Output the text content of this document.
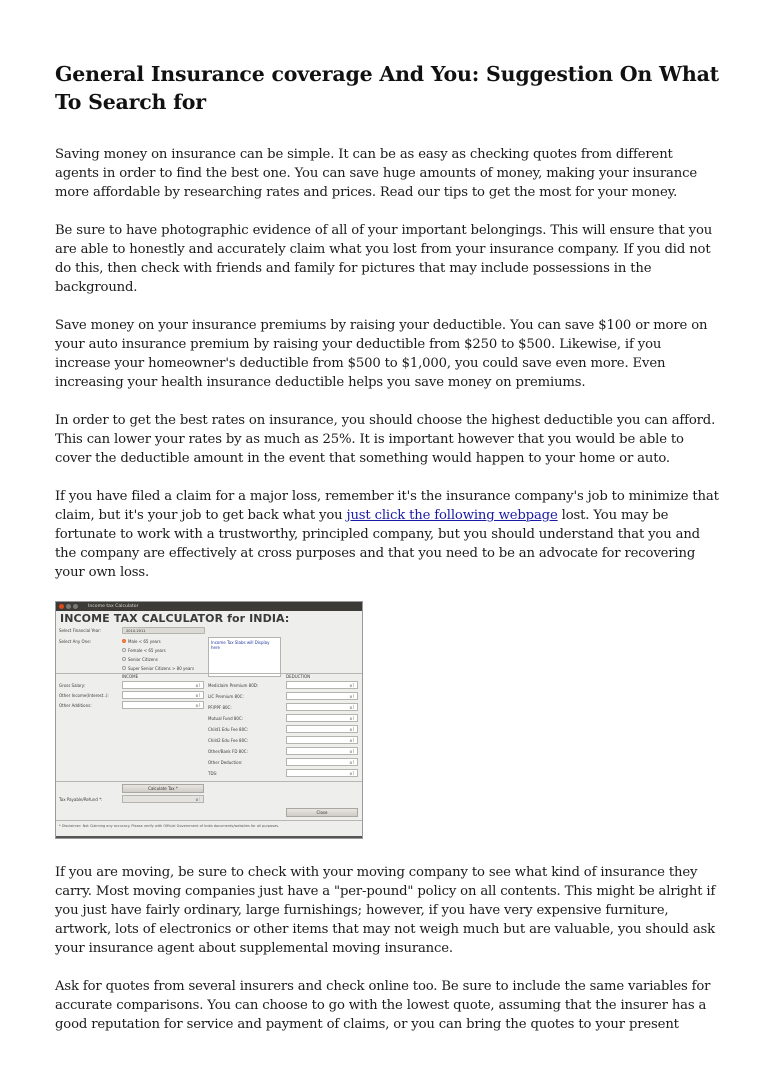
General Insurance coverage And You: Suggestion On What To Search for

Saving money on insurance can be simple. It can be as easy as checking quotes from different agents in order to find the best one. You can save huge amounts of money, making your insurance more affordable by researching rates and prices. Read our tips to get the most for your money.

Be sure to have photographic evidence of all of your important belongings. This will ensure that you are able to honestly and accurately claim what you lost from your insurance company. If you did not do this, then check with friends and family for pictures that may include possessions in the background.

Save money on your insurance premiums by raising your deductible. You can save $100 or more on your auto insurance premium by raising your deductible from $250 to $500. Likewise, if you increase your homeowner's deductible from $500 to $1,000, you could save even more. Even increasing your health insurance deductible helps you save money on premiums.

In order to get the best rates on insurance, you should choose the highest deductible you can afford. This can lower your rates by as much as 25%. It is important however that you would be able to cover the deductible amount in the event that something would happen to your home or auto.

If you have filed a claim for a major loss, remember it's the insurance company's job to minimize that claim, but it's your job to get back what you just click the following webpage lost. You may be fortunate to work with a trustworthy, principled company, but you should understand that you and the company are effectively at cross purposes and that you need to be an advocate for recovering your own loss.

Income tax Calculator
INCOME TAX CALCULATOR for INDIA:
Select Financial Year:	2010-2011
Select Any One:	Male < 65 years
Female < 65 years
Senior Citizens
Super Senior Citizens > 80 years
Income Tax Slabs will Display here
INCOME	DEDUCTION
Gross Salary:	0
Other Income(Interest..):	0
Other Additions:	0
Mediclaim Premium 80D:	0
LIC Premium 80C:	0
PF/PPF 80C:	0
Mutual Fund 80C:	0
Child1 Edu Fee 80C:	0
Child2 Edu Fee 80C:	0
Other/Bank FD 80C:	0
Other Deduction:	0
TDS:	0
Calculate Tax *
Tax Payable/Refund *:	0
Close
* Disclaimer: Not Claiming any accuracy. Please verify with Official Government of India documents/websites for all purposes.

If you are moving, be sure to check with your moving company to see what kind of insurance they carry. Most moving companies just have a "per-pound" policy on all contents. This might be alright if you just have fairly ordinary, large furnishings; however, if you have very expensive furniture, artwork, lots of electronics or other items that may not weigh much but are valuable, you should ask your insurance agent about supplemental moving insurance.

Ask for quotes from several insurers and check online too. Be sure to include the same variables for accurate comparisons. You can choose to go with the lowest quote, assuming that the insurer has a good reputation for service and payment of claims, or you can bring the quotes to your present
